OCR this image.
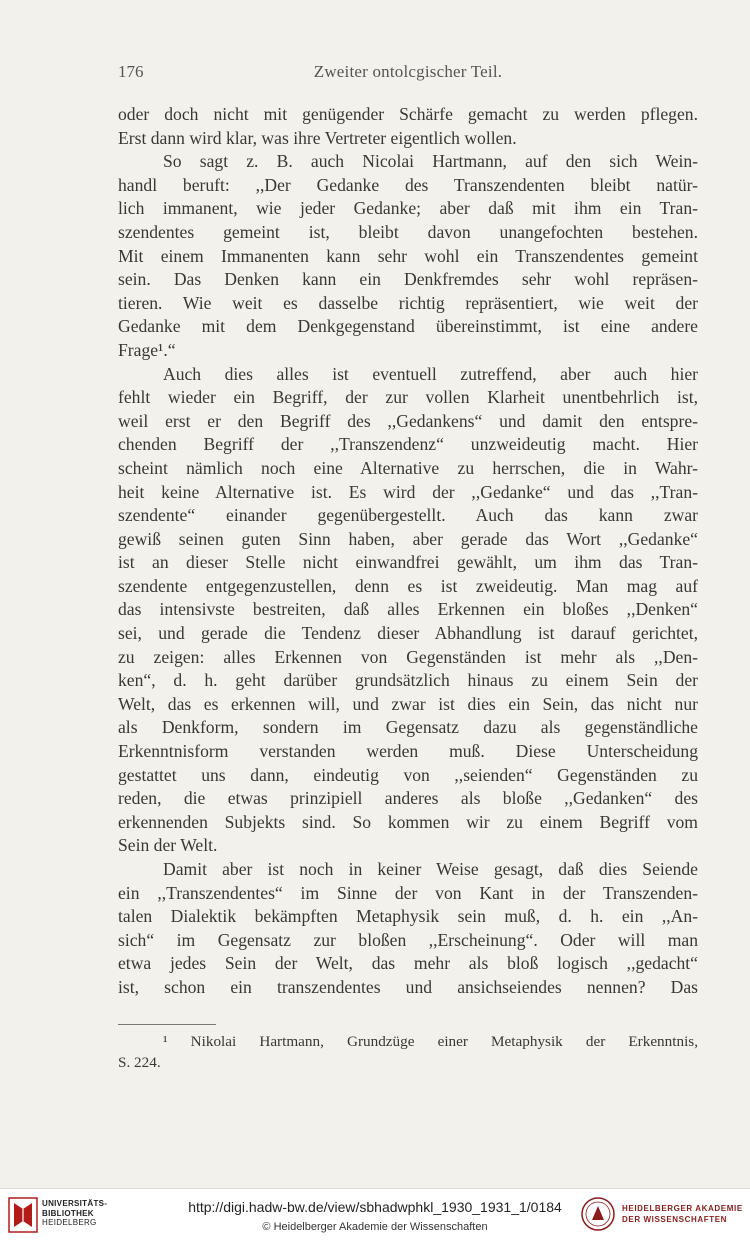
176	Zweiter ontolcgischer Teil.
oder doch nicht mit genügender Schärfe gemacht zu werden pflegen.
Erst dann wird klar, was ihre Vertreter eigentlich wollen.
So sagt z. B. auch Nicolai Hartmann, auf den sich Wein-
handl beruft: ,,Der Gedanke des Transzendenten bleibt natür-
lich immanent, wie jeder Gedanke; aber daß mit ihm ein Tran-
szendentes gemeint ist, bleibt davon unangefochten bestehen.
Mit einem Immanenten kann sehr wohl ein Transzendentes gemeint
sein. Das Denken kann ein Denkfremdes sehr wohl repräsen-
tieren. Wie weit es dasselbe richtig repräsentiert, wie weit der
Gedanke mit dem Denkgegenstand übereinstimmt, ist eine andere
Frage¹.“
Auch dies alles ist eventuell zutreffend, aber auch hier
fehlt wieder ein Begriff, der zur vollen Klarheit unentbehrlich ist,
weil erst er den Begriff des ,,Gedankens“ und damit den entspre-
chenden Begriff der ,,Transzendenz“ unzweideutig macht. Hier
scheint nämlich noch eine Alternative zu herrschen, die in Wahr-
heit keine Alternative ist. Es wird der ,,Gedanke“ und das ,,Tran-
szendente“ einander gegenübergestellt. Auch das kann zwar
gewiß seinen guten Sinn haben, aber gerade das Wort ,,Gedanke“
ist an dieser Stelle nicht einwandfrei gewählt, um ihm das Tran-
szendente entgegenzustellen, denn es ist zweideutig. Man mag auf
das intensivste bestreiten, daß alles Erkennen ein bloßes ,,Denken“
sei, und gerade die Tendenz dieser Abhandlung ist darauf gerichtet,
zu zeigen: alles Erkennen von Gegenständen ist mehr als ,,Den-
ken“, d. h. geht darüber grundsätzlich hinaus zu einem Sein der
Welt, das es erkennen will, und zwar ist dies ein Sein, das nicht nur
als Denkform, sondern im Gegensatz dazu als gegenständliche
Erkenntnisform verstanden werden muß. Diese Unterscheidung
gestattet uns dann, eindeutig von ,,seienden“ Gegenständen zu
reden, die etwas prinzipiell anderes als bloße ,,Gedanken“ des
erkennenden Subjekts sind. So kommen wir zu einem Begriff vom
Sein der Welt.
Damit aber ist noch in keiner Weise gesagt, daß dies Seiende
ein ,,Transzendentes“ im Sinne der von Kant in der Transzenden-
talen Dialektik bekämpften Metaphysik sein muß, d. h. ein ,,An-
sich“ im Gegensatz zur bloßen ,,Erscheinung“. Oder will man
etwa jedes Sein der Welt, das mehr als bloß logisch ,,gedacht“
ist, schon ein transzendentes und ansichseiendes nennen? Das
¹ Nikolai Hartmann, Grundzüge einer Metaphysik der Erkenntnis,
S. 224.
UNIVERSITÄTS-
BIBLIOTHEK
HEIDELBERG
http://digi.hadw-bw.de/view/sbhadwphkl_1930_1931_1/0184
© Heidelberger Akademie der Wissenschaften
HEIDELBERGER AKADEMIE
DER WISSENSCHAFTEN
